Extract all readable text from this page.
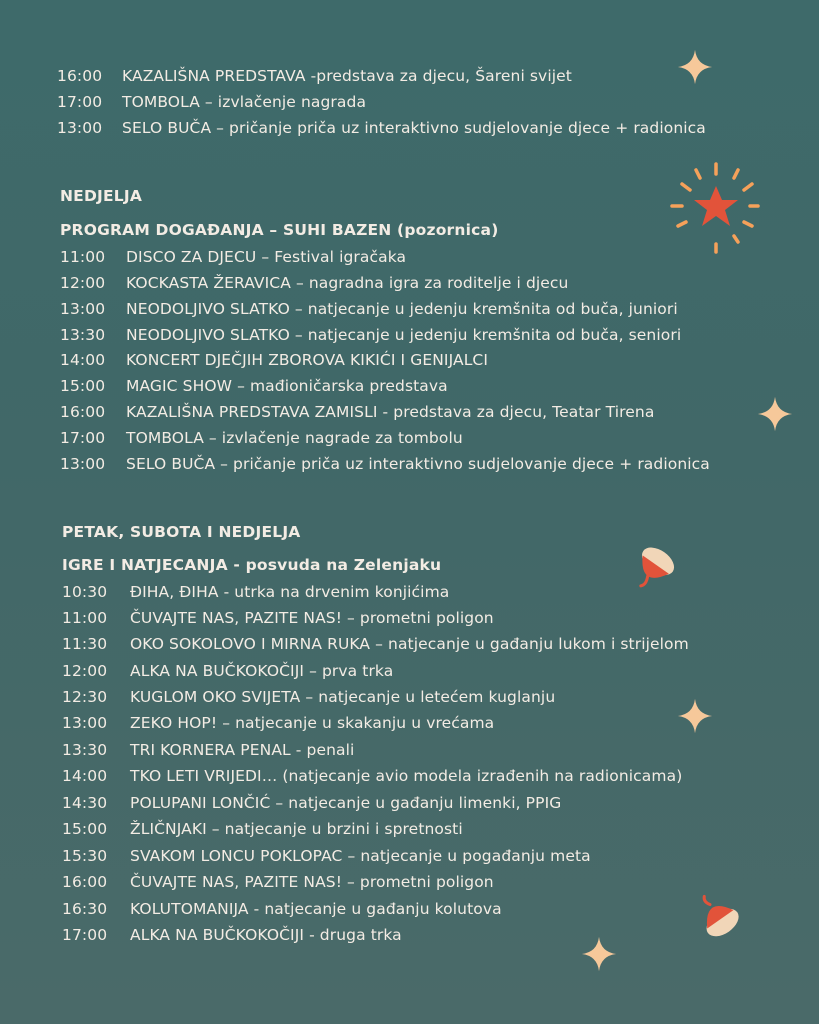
16:00 KAZALIŠNA PREDSTAVA -predstava za djecu, Šareni svijet
17:00 TOMBOLA – izvlačenje nagrada
13:00 SELO BUČA – pričanje priča uz interaktivno sudjelovanje djece + radionica
NEDJELJA
PROGRAM DOGAĐANJA – SUHI BAZEN (pozornica)
11:00 DISCO ZA DJECU – Festival igračaka
12:00 KOCKASTA ŽERAVICA – nagradna igra za roditelje i djecu
13:00 NEODOLJIVO SLATKO – natjecanje u jedenju kremšnita od buča, juniori
13:30 NEODOLJIVO SLATKO – natjecanje u jedenju kremšnita od buča, seniori
14:00 KONCERT DJEČJIH ZBOROVA KIKIĆI I GENIJALCI
15:00 MAGIC SHOW – mađioničarska predstava
16:00 KAZALIŠNA PREDSTAVA ZAMISLI - predstava za djecu, Teatar Tirena
17:00 TOMBOLA – izvlačenje nagrade za tombolu
13:00 SELO BUČA – pričanje priča uz interaktivno sudjelovanje djece + radionica
PETAK, SUBOTA I NEDJELJA
IGRE I NATJECANJA - posvuda na Zelenjaku
10:30 ĐIHA, ĐIHA - utrka na drvenim konjićima
11:00 ČUVAJTE NAS, PAZITE NAS! – prometni poligon
11:30 OKO SOKOLOVO I MIRNA RUKA – natjecanje u gađanju lukom i strijelom
12:00 ALKA NA BUČKOKOČIJI – prva trka
12:30 KUGLOM OKO SVIJETA – natjecanje u letećem kuglanju
13:00 ZEKO HOP! – natjecanje u skakanju u vrećama
13:30 TRI KORNERA PENAL - penali
14:00 TKO LETI VRIJEDI… (natjecanje avio modela izrađenih na radionicama)
14:30 POLUPANI LONČIĆ – natjecanje u gađanju limenki, PPIG
15:00 ŽLIČNJAKI – natjecanje u brzini i spretnosti
15:30 SVAKOM LONCU POKLOPAC – natjecanje u pogađanju meta
16:00 ČUVAJTE NAS, PAZITE NAS! – prometni poligon
16:30 KOLUTOMANIJA - natjecanje u gađanju kolutova
17:00 ALKA NA BUČKOKOČIJI - druga trka
